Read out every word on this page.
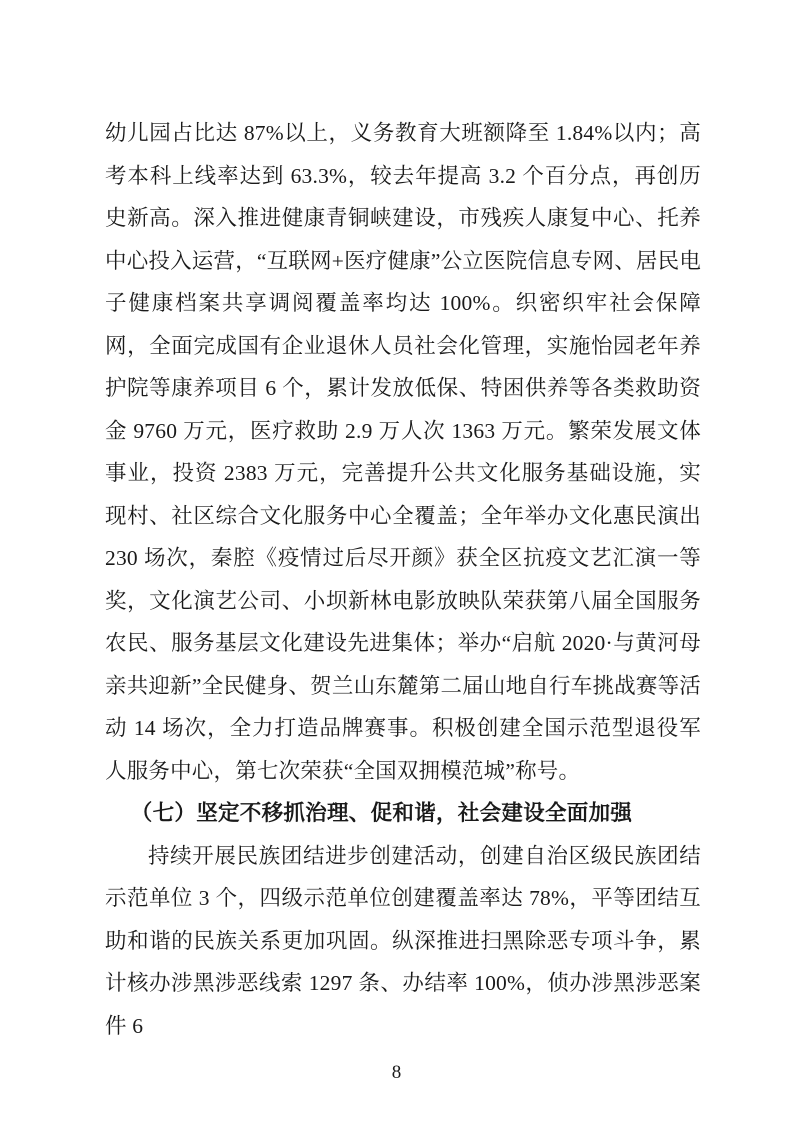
幼儿园占比达 87%以上，义务教育大班额降至 1.84%以内；高考本科上线率达到 63.3%，较去年提高 3.2 个百分点，再创历史新高。深入推进健康青铜峡建设，市残疾人康复中心、托养中心投入运营，“互联网+医疗健康”公立医院信息专网、居民电子健康档案共享调阅覆盖率均达 100%。织密织牢社会保障网，全面完成国有企业退休人员社会化管理，实施怡园老年养护院等康养项目 6 个，累计发放低保、特困供养等各类救助资金 9760 万元，医疗救助 2.9 万人次 1363 万元。繁荣发展文体事业，投资 2383 万元，完善提升公共文化服务基础设施，实现村、社区综合文化服务中心全覆盖；全年举办文化惠民演出 230 场次，秦腔《疫情过后尽开颜》获全区抗疫文艺汇演一等奖，文化演艺公司、小坝新林电影放映队荣获第八届全国服务农民、服务基层文化建设先进集体；举办“启航 2020·与黄河母亲共迎新”全民健身、贺兰山东麓第二届山地自行车挑战赛等活动 14 场次，全力打造品牌赛事。积极创建全国示范型退役军人服务中心，第七次荣获“全国双拥模范城”称号。

（七）坚定不移抓治理、促和谐，社会建设全面加强

持续开展民族团结进步创建活动，创建自治区级民族团结示范单位 3 个，四级示范单位创建覆盖率达 78%，平等团结互助和谐的民族关系更加巩固。纵深推进扫黑除恶专项斗争，累计核办涉黑涉恶线索 1297 条、办结率 100%，侦办涉黑涉恶案件 6

8
